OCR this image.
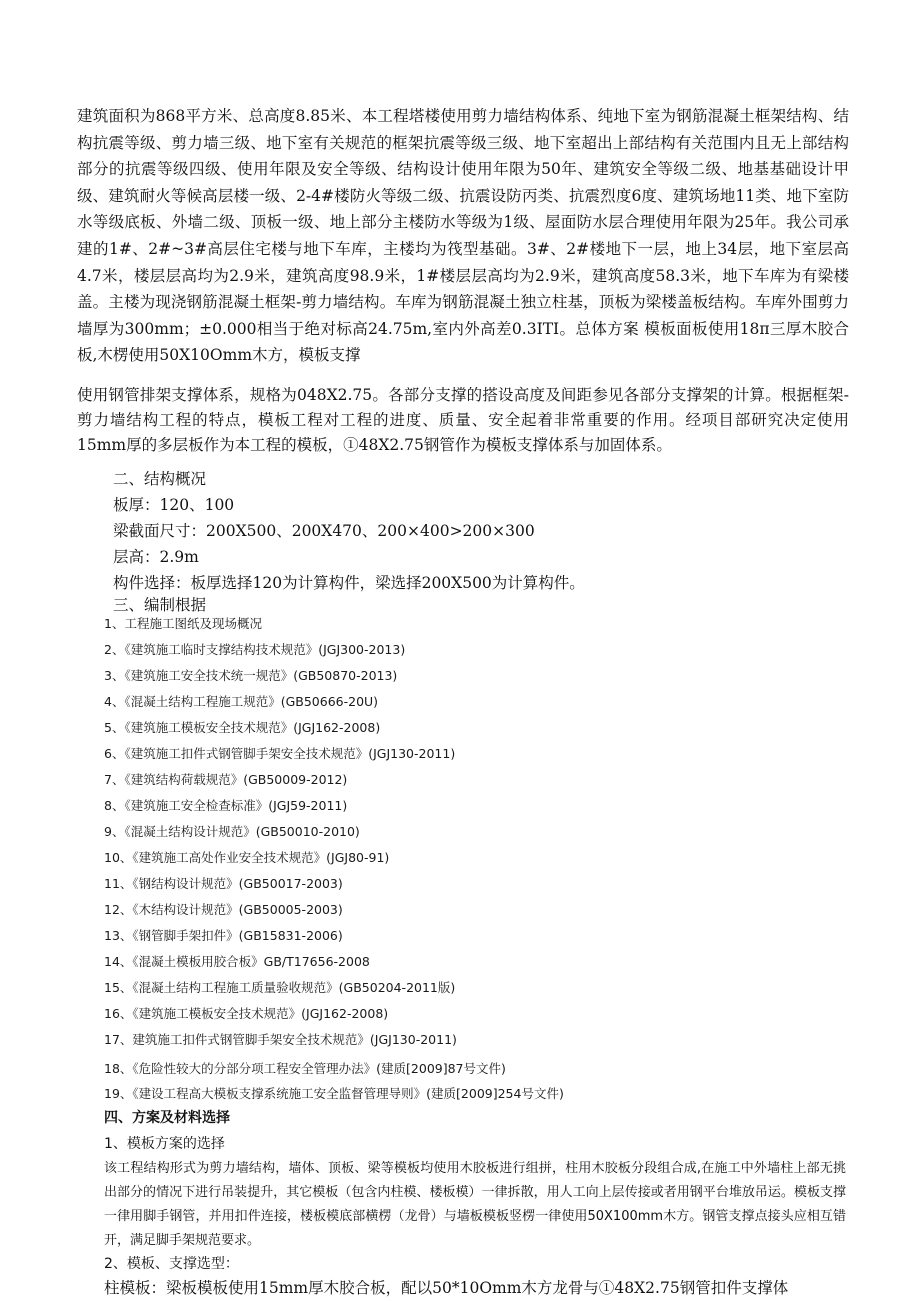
建筑面积为868平方米、总高度8.85米、本工程塔楼使用剪力墙结构体系、纯地下室为钢筋混凝土框架结构、结构抗震等级、剪力墙三级、地下室有关规范的框架抗震等级三级、地下室超出上部结构有关范围内且无上部结构部分的抗震等级四级、使用年限及安全等级、结构设计使用年限为50年、建筑安全等级二级、地基基础设计甲级、建筑耐火等候高层楼一级、2-4#楼防火等级二级、抗震设防丙类、抗震烈度6度、建筑场地11类、地下室防水等级底板、外墙二级、顶板一级、地上部分主楼防水等级为1级、屋面防水层合理使用年限为25年。我公司承建的1#、2#~3#高层住宅楼与地下车库，主楼均为筏型基础。3#、2#楼地下一层，地上34层，地下室层高4.7米，楼层层高均为2.9米，建筑高度98.9米，1#楼层层高均为2.9米，建筑高度58.3米，地下车库为有梁楼盖。主楼为现浇钢筋混凝土框架-剪力墙结构。车库为钢筋混凝土独立柱基，顶板为梁楼盖板结构。车库外围剪力墙厚为300mm；±0.000相当于绝对标高24.75m,室内外高差0.3ITI。总体方案 模板面板使用18π三厚木胶合板,木楞使用50X10Omm木方，模板支撑
使用钢管排架支撑体系，规格为048X2.75。各部分支撑的搭设高度及间距参见各部分支撑架的计算。根据框架-剪力墙结构工程的特点，模板工程对工程的进度、质量、安全起着非常重要的作用。经项目部研究决定使用15mm厚的多层板作为本工程的模板，①48X2.75钢管作为模板支撑体系与加固体系。
二、结构概况
板厚：120、100
梁截面尺寸：200X500、200X470、200×400>200×300
层高：2.9m
构件选择：板厚选择120为计算构件，梁选择200X500为计算构件。
三、编制根据
1、工程施工图纸及现场概况
2、《建筑施工临时支撑结构技术规范》(JGJ300-2013)
3、《建筑施工安全技术统一规范》(GB50870-2013)
4、《混凝土结构工程施工规范》(GB50666-20U)
5、《建筑施工模板安全技术规范》(JGJ162-2008)
6、《建筑施工扣件式钢管脚手架安全技术规范》(JGJ130-2011)
7、《建筑结构荷载规范》(GB50009-2012)
8、《建筑施工安全检查标准》(JGJ59-2011)
9、《混凝土结构设计规范》(GB50010-2010)
10、《建筑施工高处作业安全技术规范》(JGJ80-91)
11、《钢结构设计规范》(GB50017-2003)
12、《木结构设计规范》(GB50005-2003)
13、《钢管脚手架扣件》(GB15831-2006)
14、《混凝土模板用胶合板》GB/T17656-2008
15、《混凝土结构工程施工质量验收规范》(GB50204-2011版)
16、《建筑施工模板安全技术规范》(JGJ162-2008)
17、建筑施工扣件式钢管脚手架安全技术规范》(JGJ130-2011)
18、《危险性较大的分部分项工程安全管理办法》(建质[2009]87号文件)
19、《建设工程高大模板支撑系统施工安全监督管理导则》(建质[2009]254号文件)
四、方案及材料选择
1、模板方案的选择
该工程结构形式为剪力墙结构，墙体、顶板、梁等模板均使用木胶板进行组拼，柱用木胶板分段组合成,在施工中外墙柱上部无挑出部分的情况下进行吊装提升，其它模板（包含内柱模、楼板模）一律拆散，用人工向上层传接或者用钢平台堆放吊运。模板支撑一律用脚手钢管，并用扣件连接，楼板模底部横楞（龙骨）与墙板模板竖楞一律使用50X100mm木方。钢管支撑点接头应相互错开，满足脚手架规范要求。
2、模板、支撑选型：
柱模板：梁板模板使用15mm厚木胶合板，配以50*10Omm木方龙骨与①48X2.75钢管扣件支撑体
